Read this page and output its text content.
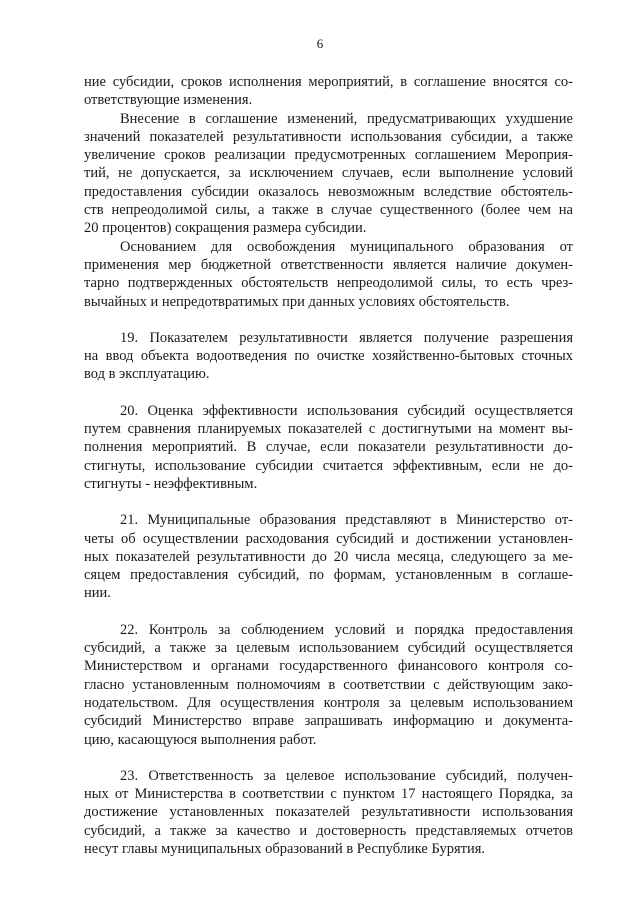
6

ние субсидии, сроков исполнения мероприятий, в соглашение вносятся со-
ответствующие изменения.

Внесение в соглашение изменений, предусматривающих ухудшение
значений показателей результативности использования субсидии, а также
увеличение сроков реализации предусмотренных соглашением Мероприя-
тий, не допускается, за исключением случаев, если выполнение условий
предоставления субсидии оказалось невозможным вследствие обстоятель-
ств непреодолимой силы, а также в случае существенного (более чем на
20 процентов) сокращения размера субсидии.

Основанием для освобождения муниципального образования от
применения мер бюджетной ответственности является наличие докумен-
тарно подтвержденных обстоятельств непреодолимой силы, то есть чрез-
вычайных и непредотвратимых при данных условиях обстоятельств.

19. Показателем результативности является получение разрешения
на ввод объекта водоотведения по очистке хозяйственно-бытовых сточных
вод в эксплуатацию.

20. Оценка эффективности использования субсидий осуществляется
путем сравнения планируемых показателей с достигнутыми на момент вы-
полнения мероприятий. В случае, если показатели результативности до-
стигнуты, использование субсидии считается эффективным, если не до-
стигнуты - неэффективным.

21. Муниципальные образования представляют в Министерство от-
четы об осуществлении расходования субсидий и достижении установлен-
ных показателей результативности до 20 числа месяца, следующего за ме-
сяцем предоставления субсидий, по формам, установленным в соглаше-
нии.

22. Контроль за соблюдением условий и порядка предоставления
субсидий, а также за целевым использованием субсидий осуществляется
Министерством и органами государственного финансового контроля со-
гласно установленным полномочиям в соответствии с действующим зако-
нодательством. Для осуществления контроля за целевым использованием
субсидий Министерство вправе запрашивать информацию и документа-
цию, касающуюся выполнения работ.

23. Ответственность за целевое использование субсидий, получен-
ных от Министерства в соответствии с пунктом 17 настоящего Порядка, за
достижение установленных показателей результативности использования
субсидий, а также за качество и достоверность представляемых отчетов
несут главы муниципальных образований в Республике Бурятия.
